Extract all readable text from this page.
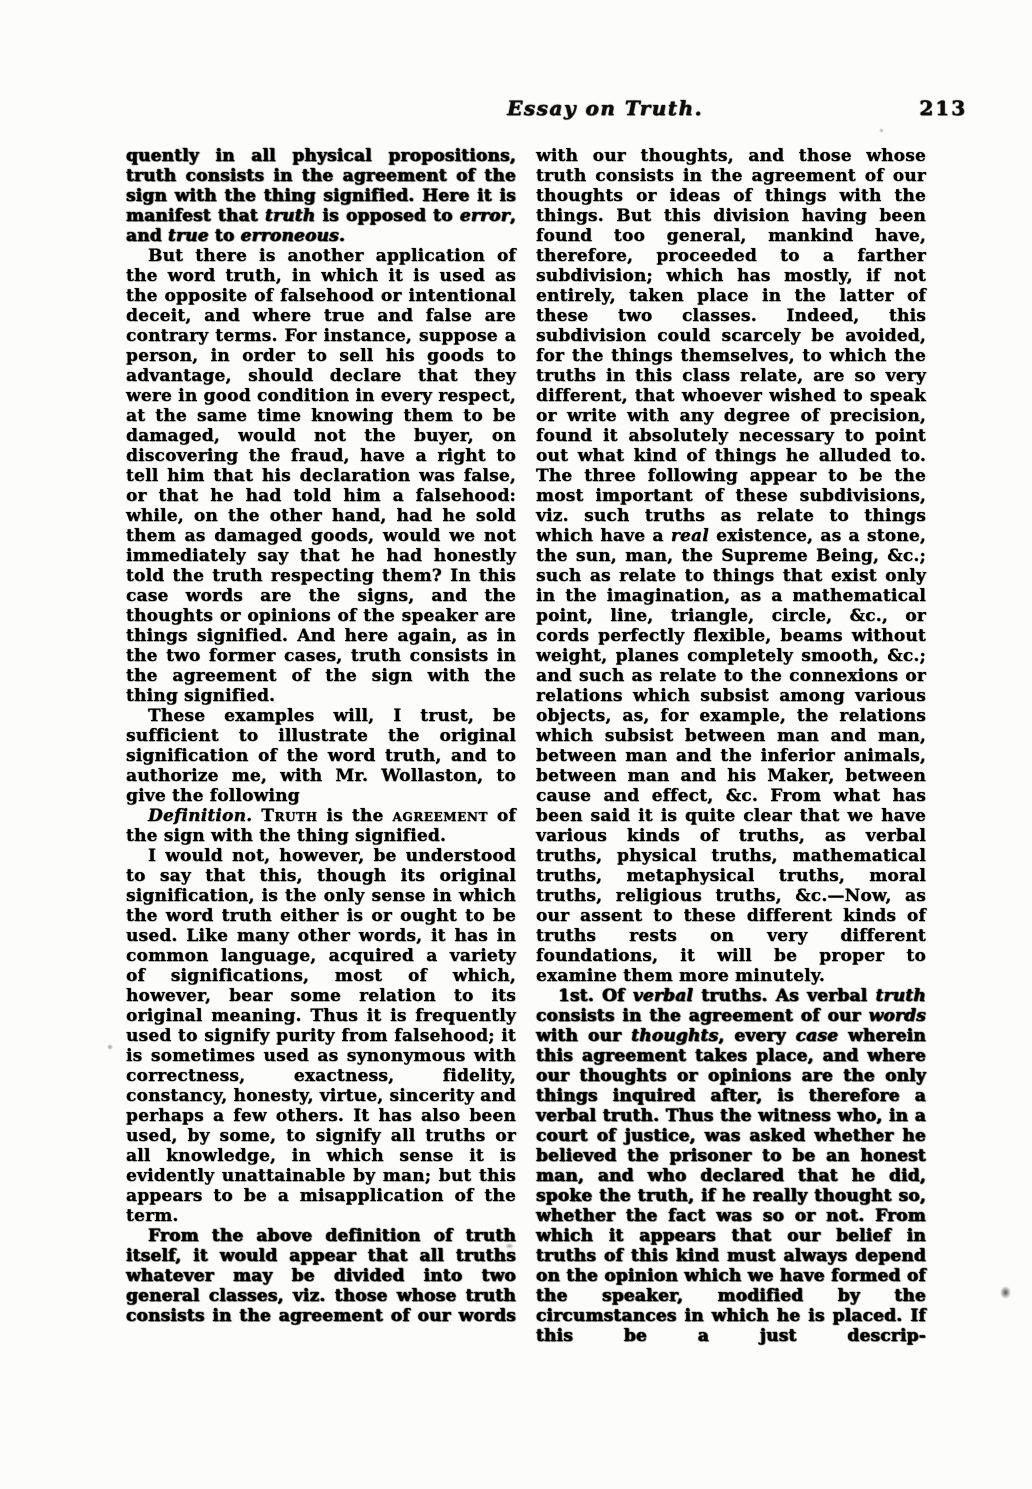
Essay on Truth.	213

quently in all physical propositions, truth consists in the agreement of the sign with the thing signified. Here it is manifest that truth is opposed to error, and true to erroneous.

But there is another application of the word truth, in which it is used as the opposite of falsehood or intentional deceit, and where true and false are contrary terms. For instance, suppose a person, in order to sell his goods to advantage, should declare that they were in good condition in every respect, at the same time knowing them to be damaged, would not the buyer, on discovering the fraud, have a right to tell him that his declaration was false, or that he had told him a falsehood: while, on the other hand, had he sold them as damaged goods, would we not immediately say that he had honestly told the truth respecting them? In this case words are the signs, and the thoughts or opinions of the speaker are things signified. And here again, as in the two former cases, truth consists in the agreement of the sign with the thing signified.

These examples will, I trust, be sufficient to illustrate the original signification of the word truth, and to authorize me, with Mr. Wollaston, to give the following

Definition. Truth is the agreement of the sign with the thing signified.

I would not, however, be understood to say that this, though its original signification, is the only sense in which the word truth either is or ought to be used. Like many other words, it has in common language, acquired a variety of significations, most of which, however, bear some relation to its original meaning. Thus it is frequently used to signify purity from falsehood; it is sometimes used as synonymous with correctness, exactness, fidelity, constancy, honesty, virtue, sincerity and perhaps a few others. It has also been used, by some, to signify all truths or all knowledge, in which sense it is evidently unattainable by man; but this appears to be a misapplication of the term.

From the above definition of truth itself, it would appear that all truths whatever may be divided into two general classes, viz. those whose truth consists in the agreement of our words

with our thoughts, and those whose truth consists in the agreement of our thoughts or ideas of things with the things. But this division having been found too general, mankind have, therefore, proceeded to a farther subdivision; which has mostly, if not entirely, taken place in the latter of these two classes. Indeed, this subdivision could scarcely be avoided, for the things themselves, to which the truths in this class relate, are so very different, that whoever wished to speak or write with any degree of precision, found it absolutely necessary to point out what kind of things he alluded to. The three following appear to be the most important of these subdivisions, viz. such truths as relate to things which have a real existence, as a stone, the sun, man, the Supreme Being, &c.; such as relate to things that exist only in the imagination, as a mathematical point, line, triangle, circle, &c., or cords perfectly flexible, beams without weight, planes completely smooth, &c.; and such as relate to the connexions or relations which subsist among various objects, as, for example, the relations which subsist between man and man, between man and the inferior animals, between man and his Maker, between cause and effect, &c. From what has been said it is quite clear that we have various kinds of truths, as verbal truths, physical truths, mathematical truths, metaphysical truths, moral truths, religious truths, &c.—Now, as our assent to these different kinds of truths rests on very different foundations, it will be proper to examine them more minutely.

1st. Of verbal truths. As verbal truth consists in the agreement of our words with our thoughts, every case wherein this agreement takes place, and where our thoughts or opinions are the only things inquired after, is therefore a verbal truth. Thus the witness who, in a court of justice, was asked whether he believed the prisoner to be an honest man, and who declared that he did, spoke the truth, if he really thought so, whether the fact was so or not. From which it appears that our belief in truths of this kind must always depend on the opinion which we have formed of the speaker, modified by the circumstances in which he is placed. If this be a just descrip-
